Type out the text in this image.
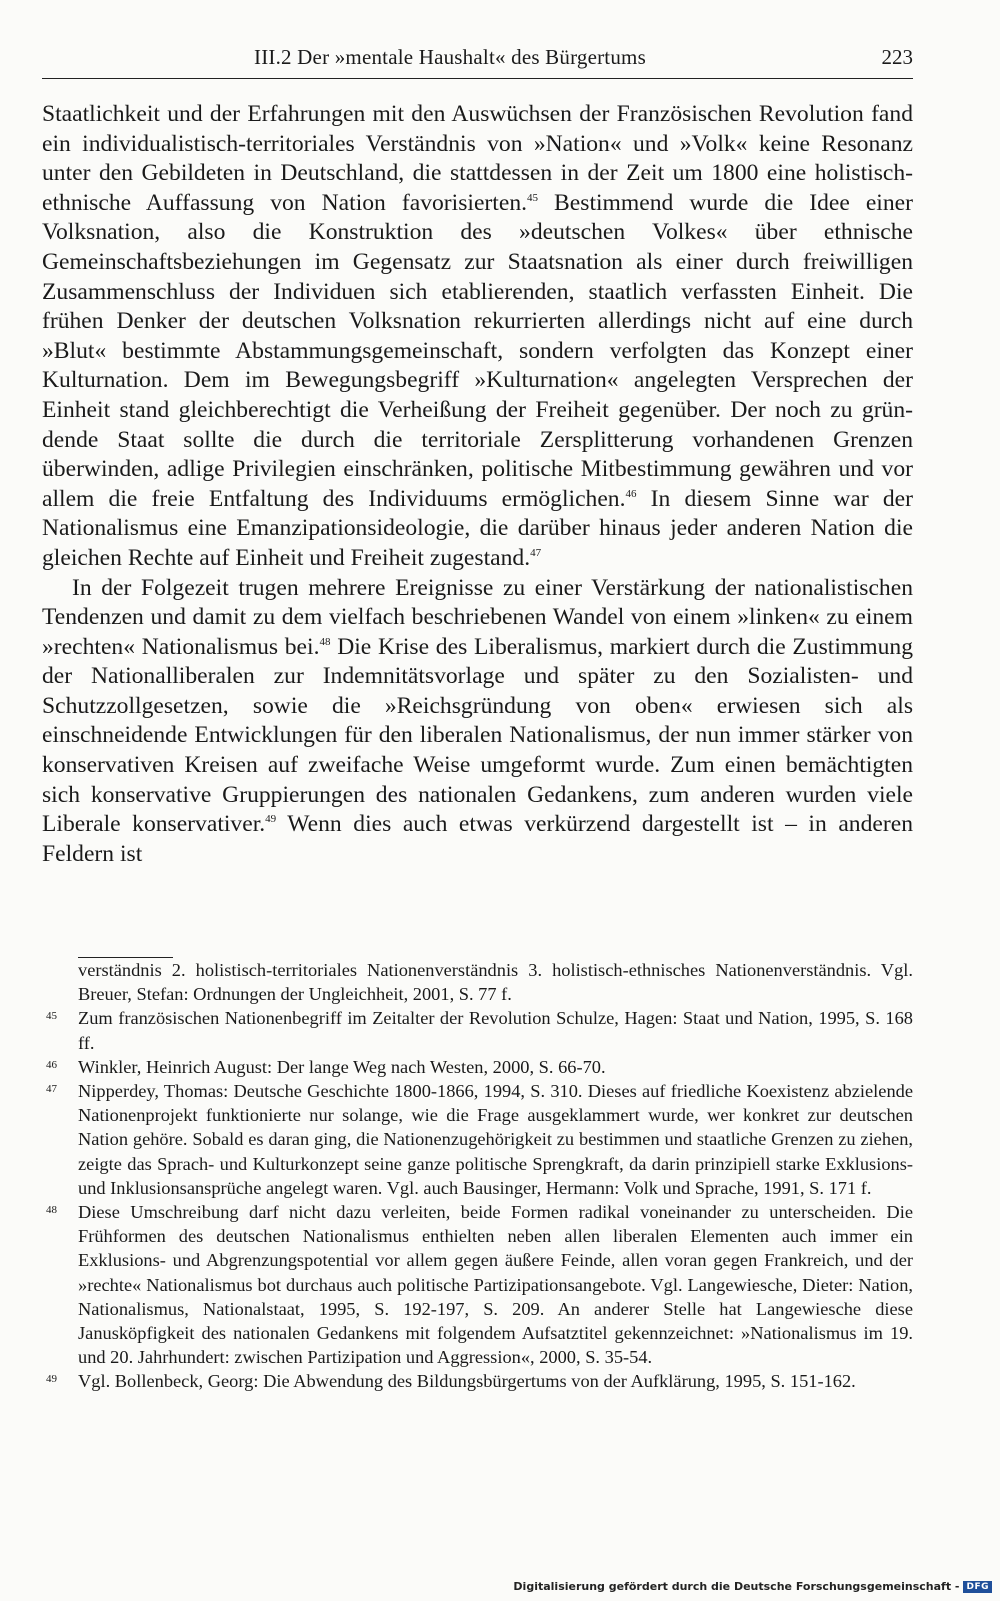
III.2 Der »mentale Haushalt« des Bürgertums	223

Staatlichkeit und der Erfahrungen mit den Auswüchsen der Französischen Revolution fand ein individualistisch-territoriales Verständnis von »Nation« und »Volk« keine Resonanz unter den Gebildeten in Deutschland, die stattdessen in der Zeit um 1800 eine holistisch-ethnische Auffassung von Nation favorisierten.$^{45}$ Bestimmend wurde die Idee einer Volksnation, also die Konstruktion des »deutschen Volkes« über ethnische Gemeinschaftsbeziehungen im Gegensatz zur Staatsnation als einer durch freiwilligen Zusammenschluss der Individuen sich etablierenden, staatlich verfassten Einheit. Die frühen Denker der deutschen Volksnation rekurrierten allerdings nicht auf eine durch »Blut« bestimmte Abstammungsgemeinschaft, sondern verfolgten das Konzept einer Kulturnation. Dem im Bewegungsbegriff »Kulturnation« angelegten Versprechen der Einheit stand gleichberechtigt die Verheißung der Freiheit gegenüber. Der noch zu gründende Staat sollte die durch die territoriale Zersplitterung vorhandenen Grenzen überwinden, adlige Privilegien einschränken, politische Mitbestimmung gewähren und vor allem die freie Entfaltung des Individuums ermöglichen.$^{46}$ In diesem Sinne war der Nationalismus eine Emanzipationsideologie, die darüber hinaus jeder anderen Nation die gleichen Rechte auf Einheit und Freiheit zugestand.$^{47}$

In der Folgezeit trugen mehrere Ereignisse zu einer Verstärkung der nationalistischen Tendenzen und damit zu dem vielfach beschriebenen Wandel von einem »linken« zu einem »rechten« Nationalismus bei.$^{48}$ Die Krise des Liberalismus, markiert durch die Zustimmung der Nationalliberalen zur Indemnitätsvorlage und später zu den Sozialisten- und Schutzzollgesetzen, sowie die »Reichsgründung von oben« erwiesen sich als einschneidende Entwicklungen für den liberalen Nationalismus, der nun immer stärker von konservativen Kreisen auf zweifache Weise umgeformt wurde. Zum einen bemächtigten sich konservative Gruppierungen des nationalen Gedankens, zum anderen wurden viele Liberale konservativer.$^{49}$ Wenn dies auch etwas verkürzend dargestellt ist – in anderen Feldern ist

verständnis 2. holistisch-territoriales Nationenverständnis 3. holistisch-ethnisches Nationenverständnis. Vgl. Breuer, Stefan: Ordnungen der Ungleichheit, 2001, S. 77 f.
45 Zum französischen Nationenbegriff im Zeitalter der Revolution Schulze, Hagen: Staat und Nation, 1995, S. 168 ff.
46 Winkler, Heinrich August: Der lange Weg nach Westen, 2000, S. 66-70.
47 Nipperdey, Thomas: Deutsche Geschichte 1800-1866, 1994, S. 310. Dieses auf friedliche Koexistenz abzielende Nationenprojekt funktionierte nur solange, wie die Frage ausgeklammert wurde, wer konkret zur deutschen Nation gehöre. Sobald es daran ging, die Nationenzugehörigkeit zu bestimmen und staatliche Grenzen zu ziehen, zeigte das Sprach- und Kulturkonzept seine ganze politische Sprengkraft, da darin prinzipiell starke Exklusions- und Inklusionsansprüche angelegt waren. Vgl. auch Bausinger, Hermann: Volk und Sprache, 1991, S. 171 f.
48 Diese Umschreibung darf nicht dazu verleiten, beide Formen radikal voneinander zu unterscheiden. Die Frühformen des deutschen Nationalismus enthielten neben allen liberalen Elementen auch immer ein Exklusions- und Abgrenzungspotential vor allem gegen äußere Feinde, allen voran gegen Frankreich, und der »rechte« Nationalismus bot durchaus auch politische Partizipationsangebote. Vgl. Langewiesche, Dieter: Nation, Nationalismus, Nationalstaat, 1995, S. 192-197, S. 209. An anderer Stelle hat Langewiesche diese Janusköpfigkeit des nationalen Gedankens mit folgendem Aufsatztitel gekennzeichnet: »Nationalismus im 19. und 20. Jahrhundert: zwischen Partizipation und Aggression«, 2000, S. 35-54.
49 Vgl. Bollenbeck, Georg: Die Abwendung des Bildungsbürgertums von der Aufklärung, 1995, S. 151-162.
Digitalisierung gefördert durch die Deutsche Forschungsgemeinschaft - DFG
